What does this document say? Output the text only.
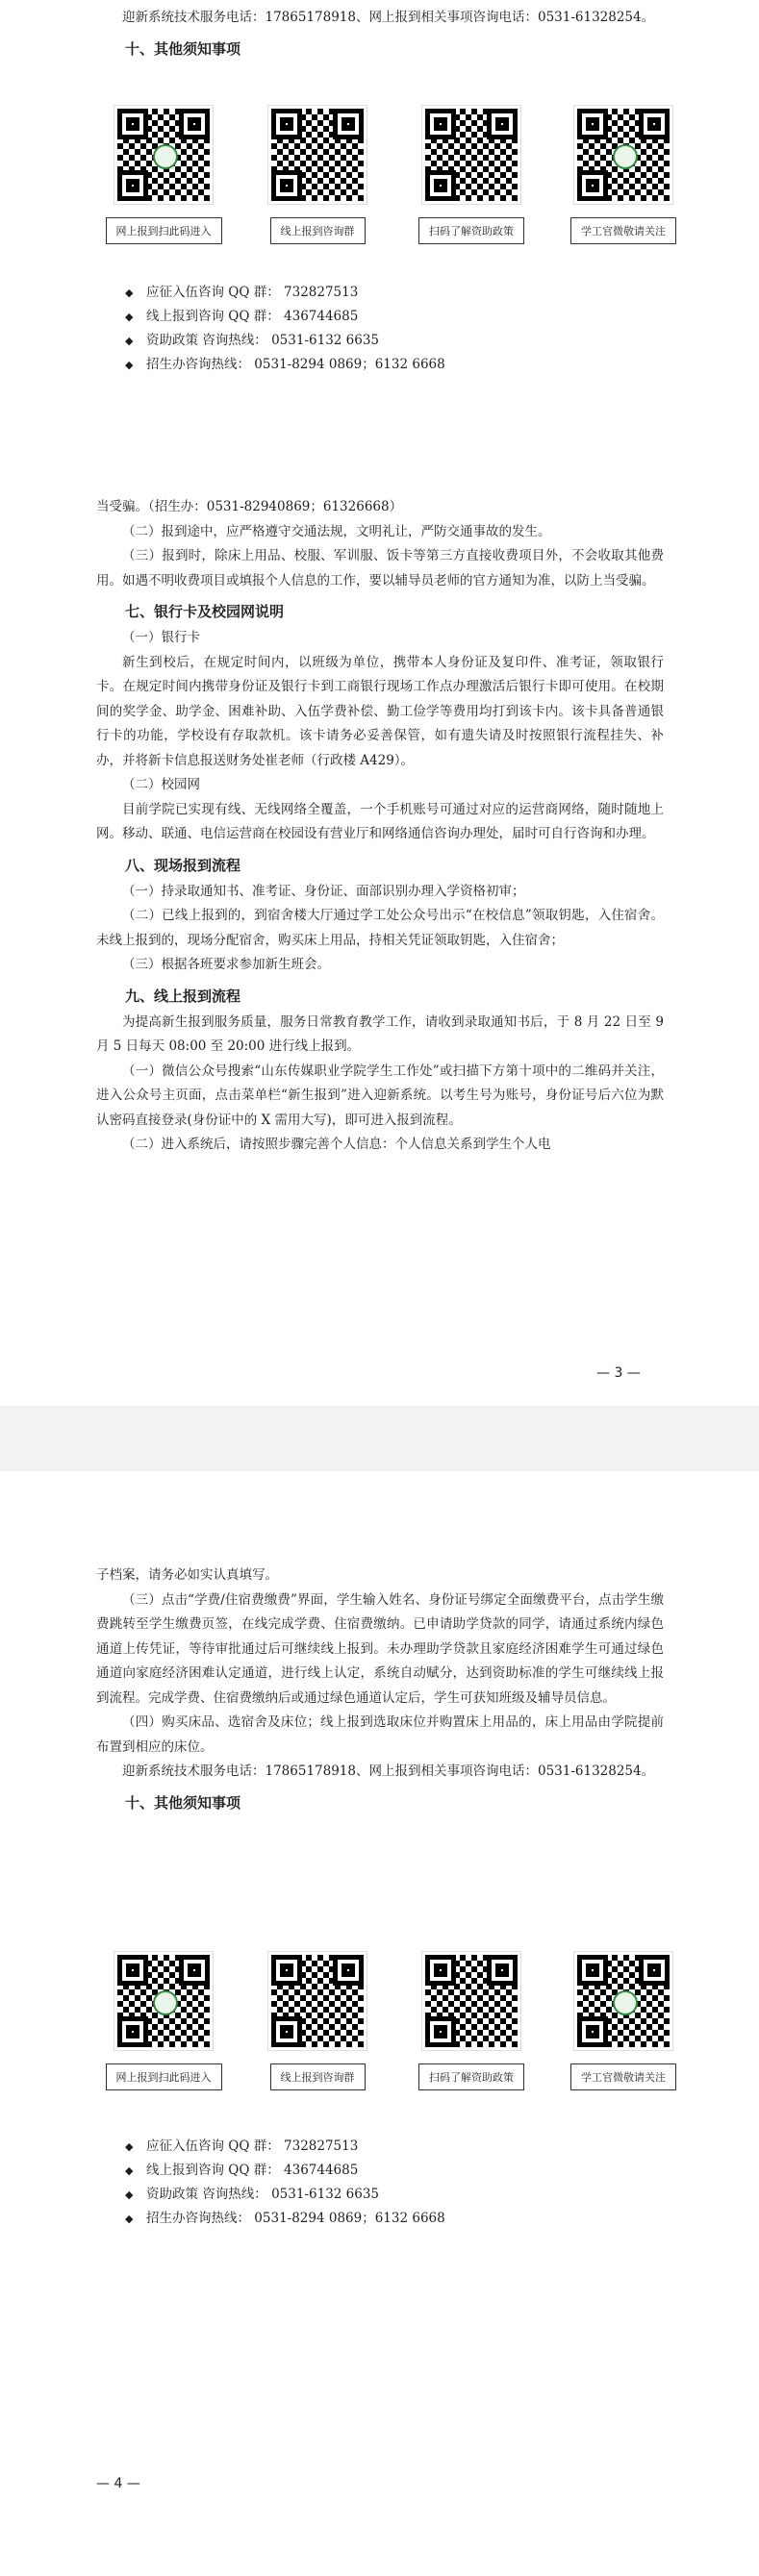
迎新系统技术服务电话：17865178918、网上报到相关事项咨询电话：0531-61328254。

十、其他须知事项
网上报到扫此码进入	线上报到咨询群	扫码了解资助政策	学工官微敬请关注
◆ 应征入伍咨询 QQ 群： 732827513
◆ 线上报到咨询 QQ 群： 436744685
◆ 资助政策 咨询热线： 0531-6132 6635
◆ 招生办咨询热线： 0531-8294 0869；6132 6668

当受骗。（招生办：0531-82940869；61326668）

（二）报到途中，应严格遵守交通法规，文明礼让，严防交通事故的发生。

（三）报到时，除床上用品、校服、军训服、饭卡等第三方直接收费项目外，不会收取其他费用。如遇不明收费项目或填报个人信息的工作，要以辅导员老师的官方通知为准，以防上当受骗。

七、银行卡及校园网说明

（一）银行卡

新生到校后，在规定时间内，以班级为单位，携带本人身份证及复印件、准考证，领取银行卡。在规定时间内携带身份证及银行卡到工商银行现场工作点办理激活后银行卡即可使用。在校期间的奖学金、助学金、困难补助、入伍学费补偿、勤工俭学等费用均打到该卡内。该卡具备普通银行卡的功能，学校设有存取款机。该卡请务必妥善保管，如有遗失请及时按照银行流程挂失、补办，并将新卡信息报送财务处崔老师（行政楼 A429）。

（二）校园网

目前学院已实现有线、无线网络全覆盖，一个手机账号可通过对应的运营商网络，随时随地上网。移动、联通、电信运营商在校园设有营业厅和网络通信咨询办理处，届时可自行咨询和办理。

八、现场报到流程

（一）持录取通知书、准考证、身份证、面部识别办理入学资格初审；

（二）已线上报到的，到宿舍楼大厅通过学工处公众号出示“在校信息”领取钥匙，入住宿舍。未线上报到的，现场分配宿舍，购买床上用品，持相关凭证领取钥匙，入住宿舍；

（三）根据各班要求参加新生班会。

九、线上报到流程

为提高新生报到服务质量，服务日常教育教学工作，请收到录取通知书后，于 8 月 22 日至 9 月 5 日每天 08:00 至 20:00 进行线上报到。

（一）微信公众号搜索“山东传媒职业学院学生工作处”或扫描下方第十项中的二维码并关注，进入公众号主页面，点击菜单栏“新生报到”进入迎新系统。以考生号为账号，身份证号后六位为默认密码直接登录(身份证中的 X 需用大写)，即可进入报到流程。

（二）进入系统后，请按照步骤完善个人信息：个人信息关系到学生个人电

— 3 —

子档案，请务必如实认真填写。

（三）点击“学费/住宿费缴费”界面，学生输入姓名、身份证号绑定全面缴费平台，点击学生缴费跳转至学生缴费页签，在线完成学费、住宿费缴纳。已申请助学贷款的同学，请通过系统内绿色通道上传凭证，等待审批通过后可继续线上报到。未办理助学贷款且家庭经济困难学生可通过绿色通道向家庭经济困难认定通道，进行线上认定，系统自动赋分，达到资助标准的学生可继续线上报到流程。完成学费、住宿费缴纳后或通过绿色通道认定后，学生可获知班级及辅导员信息。

（四）购买床品、选宿舍及床位；线上报到选取床位并购置床上用品的，床上用品由学院提前布置到相应的床位。

迎新系统技术服务电话：17865178918、网上报到相关事项咨询电话：0531-61328254。

十、其他须知事项
网上报到扫此码进入	线上报到咨询群	扫码了解资助政策	学工官微敬请关注
◆ 应征入伍咨询 QQ 群： 732827513
◆ 线上报到咨询 QQ 群： 436744685
◆ 资助政策 咨询热线： 0531-6132 6635
◆ 招生办咨询热线： 0531-8294 0869；6132 6668
— 4 —
